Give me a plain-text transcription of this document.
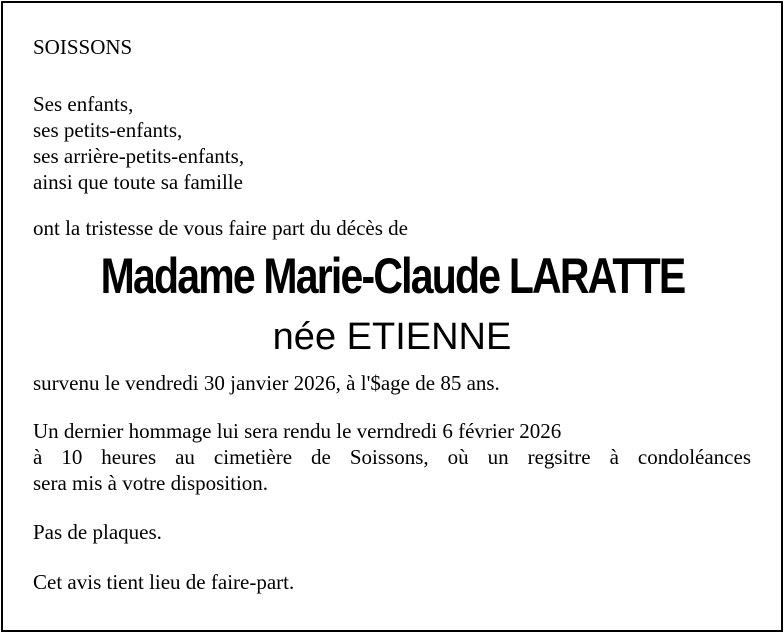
SOISSONS

Ses enfants,
ses petits-enfants,
ses arrière-petits-enfants,
ainsi que toute sa famille

ont la tristesse de vous faire part du décès de

Madame Marie-Claude LARATTE

née ETIENNE

survenu le vendredi 30 janvier 2026, à l'$age de 85 ans.

Un dernier hommage lui sera rendu le verndredi 6 février 2026
à 10 heures au cimetière de Soissons, où un regsitre à condoléances
sera mis à votre disposition.

Pas de plaques.

Cet avis tient lieu de faire-part.
